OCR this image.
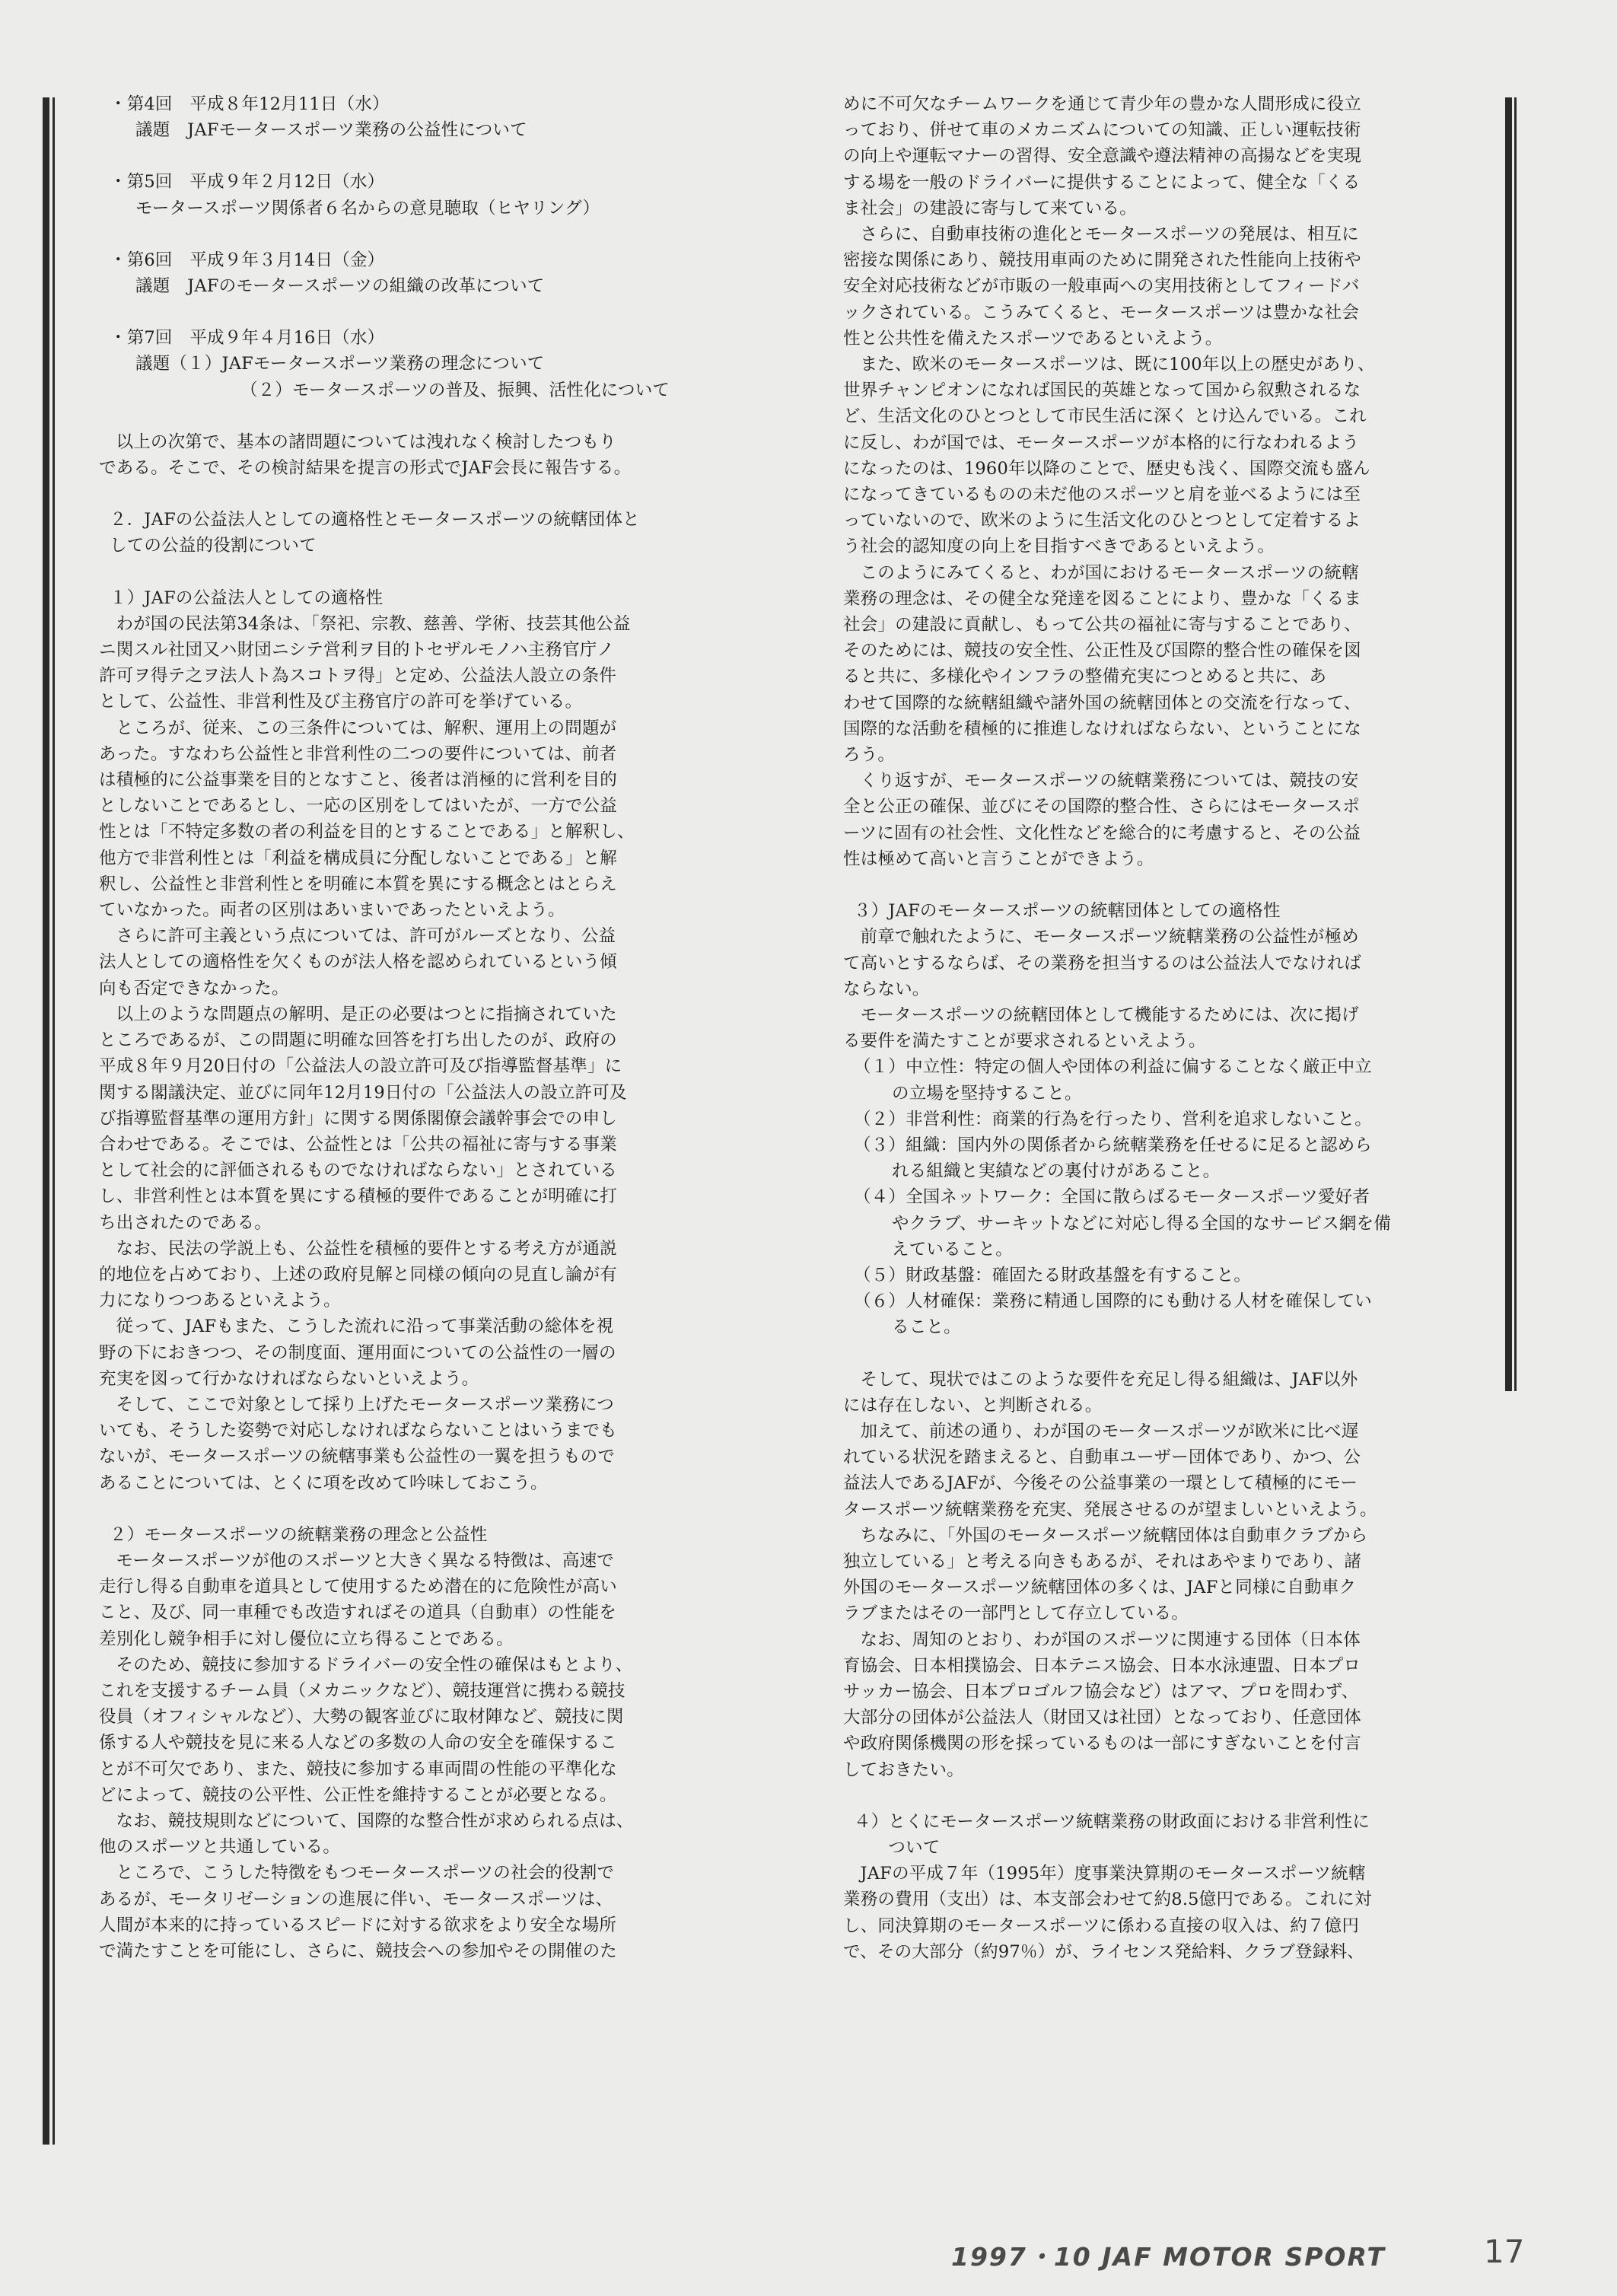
・第4回　平成８年12月11日（水）

議題　JAFモータースポーツ業務の公益性について

・第5回　平成９年２月12日（水）

モータースポーツ関係者６名からの意見聴取（ヒヤリング）

・第6回　平成９年３月14日（金）

議題　JAFのモータースポーツの組織の改革について

・第7回　平成９年４月16日（水）

議題（１）JAFモータースポーツ業務の理念について

（２）モータースポーツの普及、振興、活性化について

以上の次第で、基本の諸問題については洩れなく検討したつもり
である。そこで、その検討結果を提言の形式でJAF会長に報告する。

２．JAFの公益法人としての適格性とモータースポーツの統轄団体と
しての公益的役割について

１）JAFの公益法人としての適格性

わが国の民法第34条は、「祭祀、宗教、慈善、学術、技芸其他公益
ニ関スル社団又ハ財団ニシテ営利ヲ目的トセザルモノハ主務官庁ノ
許可ヲ得テ之ヲ法人ト為スコトヲ得」と定め、公益法人設立の条件
として、公益性、非営利性及び主務官庁の許可を挙げている。

ところが、従来、この三条件については、解釈、運用上の問題が
あった。すなわち公益性と非営利性の二つの要件については、前者
は積極的に公益事業を目的となすこと、後者は消極的に営利を目的
としないことであるとし、一応の区別をしてはいたが、一方で公益
性とは「不特定多数の者の利益を目的とすることである」と解釈し、
他方で非営利性とは「利益を構成員に分配しないことである」と解
釈し、公益性と非営利性とを明確に本質を異にする概念とはとらえ
ていなかった。両者の区別はあいまいであったといえよう。

さらに許可主義という点については、許可がルーズとなり、公益
法人としての適格性を欠くものが法人格を認められているという傾
向も否定できなかった。

以上のような問題点の解明、是正の必要はつとに指摘されていた
ところであるが、この問題に明確な回答を打ち出したのが、政府の
平成８年９月20日付の「公益法人の設立許可及び指導監督基準」に
関する閣議決定、並びに同年12月19日付の「公益法人の設立許可及
び指導監督基準の運用方針」に関する関係閣僚会議幹事会での申し
合わせである。そこでは、公益性とは「公共の福祉に寄与する事業
として社会的に評価されるものでなければならない」とされている
し、非営利性とは本質を異にする積極的要件であることが明確に打
ち出されたのである。

なお、民法の学説上も、公益性を積極的要件とする考え方が通説
的地位を占めており、上述の政府見解と同様の傾向の見直し論が有
力になりつつあるといえよう。

従って、JAFもまた、こうした流れに沿って事業活動の総体を視
野の下におきつつ、その制度面、運用面についての公益性の一層の
充実を図って行かなければならないといえよう。

そして、ここで対象として採り上げたモータースポーツ業務につ
いても、そうした姿勢で対応しなければならないことはいうまでも
ないが、モータースポーツの統轄事業も公益性の一翼を担うもので
あることについては、とくに項を改めて吟味しておこう。

２）モータースポーツの統轄業務の理念と公益性

モータースポーツが他のスポーツと大きく異なる特徴は、高速で
走行し得る自動車を道具として使用するため潜在的に危険性が高い
こと、及び、同一車種でも改造すればその道具（自動車）の性能を
差別化し競争相手に対し優位に立ち得ることである。

そのため、競技に参加するドライバーの安全性の確保はもとより、
これを支援するチーム員（メカニックなど）、競技運営に携わる競技
役員（オフィシャルなど）、大勢の観客並びに取材陣など、競技に関
係する人や競技を見に来る人などの多数の人命の安全を確保するこ
とが不可欠であり、また、競技に参加する車両間の性能の平準化な
どによって、競技の公平性、公正性を維持することが必要となる。

なお、競技規則などについて、国際的な整合性が求められる点は、
他のスポーツと共通している。

ところで、こうした特徴をもつモータースポーツの社会的役割で
あるが、モータリゼーションの進展に伴い、モータースポーツは、
人間が本来的に持っているスピードに対する欲求をより安全な場所
で満たすことを可能にし、さらに、競技会への参加やその開催のた

めに不可欠なチームワークを通じて青少年の豊かな人間形成に役立
っており、併せて車のメカニズムについての知識、正しい運転技術
の向上や運転マナーの習得、安全意識や遵法精神の高揚などを実現
する場を一般のドライバーに提供することによって、健全な「くる
ま社会」の建設に寄与して来ている。

さらに、自動車技術の進化とモータースポーツの発展は、相互に
密接な関係にあり、競技用車両のために開発された性能向上技術や
安全対応技術などが市販の一般車両への実用技術としてフィードバ
ックされている。こうみてくると、モータースポーツは豊かな社会
性と公共性を備えたスポーツであるといえよう。

また、欧米のモータースポーツは、既に100年以上の歴史があり、
世界チャンピオンになれば国民的英雄となって国から叙勲されるな
ど、生活文化のひとつとして市民生活に深く とけ込んでいる。これ
に反し、わが国では、モータースポーツが本格的に行なわれるよう
になったのは、1960年以降のことで、歴史も浅く、国際交流も盛ん
になってきているものの未だ他のスポーツと肩を並べるようには至
っていないので、欧米のように生活文化のひとつとして定着するよ
う社会的認知度の向上を目指すべきであるといえよう。

このようにみてくると、わが国におけるモータースポーツの統轄
業務の理念は、その健全な発達を図ることにより、豊かな「くるま
社会」の建設に貢献し、もって公共の福祉に寄与することであり、
そのためには、競技の安全性、公正性及び国際的整合性の確保を図
ると共に、多様化やインフラの整備充実につとめると共に、あ
わせて国際的な統轄組織や諸外国の統轄団体との交流を行なって、
国際的な活動を積極的に推進しなければならない、ということにな
ろう。

くり返すが、モータースポーツの統轄業務については、競技の安
全と公正の確保、並びにその国際的整合性、さらにはモータースポ
ーツに固有の社会性、文化性などを総合的に考慮すると、その公益
性は極めて高いと言うことができよう。

３）JAFのモータースポーツの統轄団体としての適格性

前章で触れたように、モータースポーツ統轄業務の公益性が極め
て高いとするならば、その業務を担当するのは公益法人でなければ
ならない。

モータースポーツの統轄団体として機能するためには、次に掲げ
る要件を満たすことが要求されるといえよう。

（１）中立性：特定の個人や団体の利益に偏することなく厳正中立

の立場を堅持すること。

（２）非営利性：商業的行為を行ったり、営利を追求しないこと。

（３）組織：国内外の関係者から統轄業務を任せるに足ると認めら

れる組織と実績などの裏付けがあること。

（４）全国ネットワーク：全国に散らばるモータースポーツ愛好者

やクラブ、サーキットなどに対応し得る全国的なサービス網を備
えていること。

（５）財政基盤：確固たる財政基盤を有すること。

（６）人材確保：業務に精通し国際的にも動ける人材を確保してい

ること。

そして、現状ではこのような要件を充足し得る組織は、JAF以外
には存在しない、と判断される。

加えて、前述の通り、わが国のモータースポーツが欧米に比べ遅
れている状況を踏まえると、自動車ユーザー団体であり、かつ、公
益法人であるJAFが、今後その公益事業の一環として積極的にモー
タースポーツ統轄業務を充実、発展させるのが望ましいといえよう。

ちなみに、「外国のモータースポーツ統轄団体は自動車クラブから
独立している」と考える向きもあるが、それはあやまりであり、諸
外国のモータースポーツ統轄団体の多くは、JAFと同様に自動車ク
ラブまたはその一部門として存立している。

なお、周知のとおり、わが国のスポーツに関連する団体（日本体
育協会、日本相撲協会、日本テニス協会、日本水泳連盟、日本プロ
サッカー協会、日本プロゴルフ協会など）はアマ、プロを問わず、
大部分の団体が公益法人（財団又は社団）となっており、任意団体
や政府関係機関の形を採っているものは一部にすぎないことを付言
しておきたい。

４）とくにモータースポーツ統轄業務の財政面における非営利性に
　　ついて

JAFの平成７年（1995年）度事業決算期のモータースポーツ統轄
業務の費用（支出）は、本支部会わせて約8.5億円である。これに対
し、同決算期のモータースポーツに係わる直接の収入は、約７億円
で、その大部分（約97％）が、ライセンス発給料、クラブ登録料、

1997・10 JAF MOTOR SPORT	17
